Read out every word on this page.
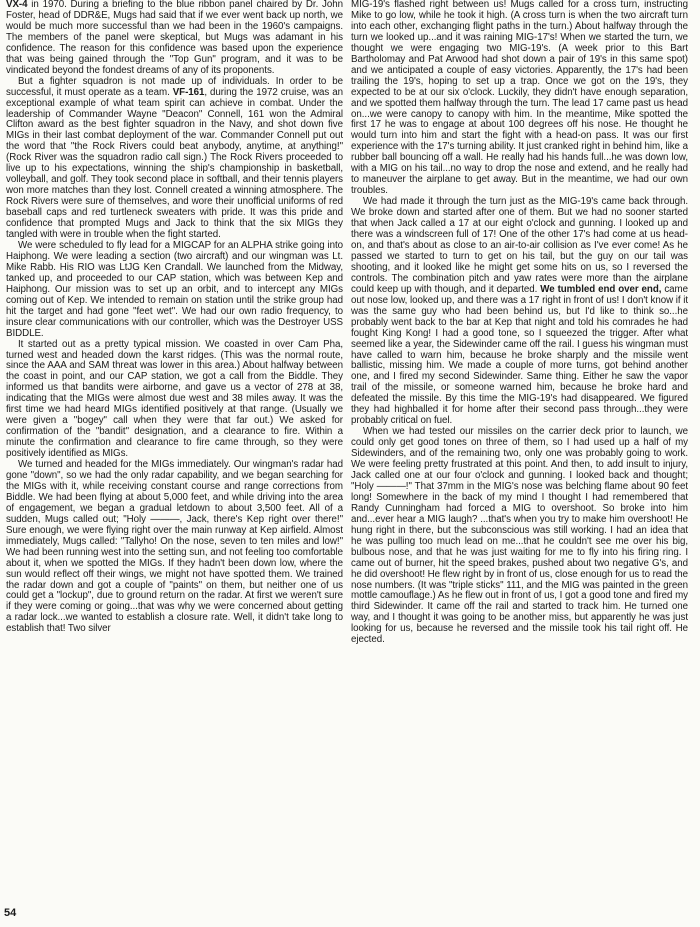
VX-4 in 1970. During a briefing to the blue ribbon panel chaired by Dr. John Foster, head of DDR&E, Mugs had said that if we ever went back up north, we would be much more successful than we had been in the 1960's campaigns. The members of the panel were skeptical, but Mugs was adamant in his confidence. The reason for this confidence was based upon the experience that was being gained through the "Top Gun" program, and it was to be vindicated beyond the fondest dreams of any of its proponents.

But a fighter squadron is not made up of individuals. In order to be successful, it must operate as a team. VF-161, during the 1972 cruise, was an exceptional example of what team spirit can achieve in combat. Under the leadership of Commander Wayne "Deacon" Connell, 161 won the Admiral Clifton award as the best fighter squadron in the Navy, and shot down five MIGs in their last combat deployment of the war. Commander Connell put out the word that "the Rock Rivers could beat anybody, anytime, at anything!" (Rock River was the squadron radio call sign.) The Rock Rivers proceeded to live up to his expectations, winning the ship's championship in basketball, volleyball, and golf. They took second place in softball, and their tennis players won more matches than they lost. Connell created a winning atmosphere. The Rock Rivers were sure of themselves, and wore their unofficial uniforms of red baseball caps and red turtleneck sweaters with pride. It was this pride and confidence that prompted Mugs and Jack to think that the six MIGs they tangled with were in trouble when the fight started.

We were scheduled to fly lead for a MIGCAP for an ALPHA strike going into Haiphong. We were leading a section (two aircraft) and our wingman was Lt. Mike Rabb. His RIO was LtJG Ken Crandall. We launched from the Midway, tanked up, and proceeded to our CAP station, which was between Kep and Haiphong. Our mission was to set up an orbit, and to intercept any MIGs coming out of Kep. We intended to remain on station until the strike group had hit the target and had gone "feet wet". We had our own radio frequency, to insure clear communications with our controller, which was the Destroyer USS BIDDLE.

It started out as a pretty typical mission. We coasted in over Cam Pha, turned west and headed down the karst ridges. (This was the normal route, since the AAA and SAM threat was lower in this area.) About halfway between the coast in point, and our CAP station, we got a call from the Biddle. They informed us that bandits were airborne, and gave us a vector of 278 at 38, indicating that the MIGs were almost due west and 38 miles away. It was the first time we had heard MIGs identified positively at that range. (Usually we were given a "bogey" call when they were that far out.) We asked for confirmation of the "bandit" designation, and a clearance to fire. Within a minute the confirmation and clearance to fire came through, so they were positively identified as MIGs.

We turned and headed for the MIGs immediately. Our wingman's radar had gone "down", so we had the only radar capability, and we began searching for the MIGs with it, while receiving constant course and range corrections from Biddle. We had been flying at about 5,000 feet, and while driving into the area of engagement, we began a gradual letdown to about 3,500 feet. All of a sudden, Mugs called out; "Holy ———, Jack, there's Kep right over there!" Sure enough, we were flying right over the main runway at Kep airfield. Almost immediately, Mugs called: "Tallyho! On the nose, seven to ten miles and low!" We had been running west into the setting sun, and not feeling too comfortable about it, when we spotted the MIGs. If they hadn't been down low, where the sun would reflect off their wings, we might not have spotted them. We trained the radar down and got a couple of "paints" on them, but neither one of us could get a "lockup", due to ground return on the radar. At first we weren't sure if they were coming or going...that was why we were concerned about getting a radar lock...we wanted to establish a closure rate. Well, it didn't take long to establish that! Two silver

MIG-19's flashed right between us! Mugs called for a cross turn, instructing Mike to go low, while he took it high. (A cross turn is when the two aircraft turn into each other, exchanging flight paths in the turn.) About halfway through the turn we looked up...and it was raining MIG-17's! When we started the turn, we thought we were engaging two MIG-19's. (A week prior to this Bart Bartholomay and Pat Arwood had shot down a pair of 19's in this same spot) and we anticipated a couple of easy victories. Apparently, the 17's had been trailing the 19's, hoping to set up a trap. Once we got on the 19's, they expected to be at our six o'clock. Luckily, they didn't have enough separation, and we spotted them halfway through the turn. The lead 17 came past us head on...we were canopy to canopy with him. In the meantime, Mike spotted the first 17 he was to engage at about 100 degrees off his nose. He thought he would turn into him and start the fight with a head-on pass. It was our first experience with the 17's turning ability. It just cranked right in behind him, like a rubber ball bouncing off a wall. He really had his hands full...he was down low, with a MIG on his tail...no way to drop the nose and extend, and he really had to maneuver the airplane to get away. But in the meantime, we had our own troubles.

We had made it through the turn just as the MIG-19's came back through. We broke down and started after one of them. But we had no sooner started that when Jack called a 17 at our eight o'clock and gunning. I looked up and there was a windscreen full of 17! One of the other 17's had come at us head-on, and that's about as close to an air-to-air collision as I've ever come! As he passed we started to turn to get on his tail, but the guy on our tail was shooting, and it looked like he might get some hits on us, so I reversed the controls. The combination pitch and yaw rates were more than the airplane could keep up with though, and it departed. We tumbled end over end, came out nose low, looked up, and there was a 17 right in front of us! I don't know if it was the same guy who had been behind us, but I'd like to think so...he probably went back to the bar at Kep that night and told his comrades he had fought King Kong! I had a good tone, so I squeezed the trigger. After what seemed like a year, the Sidewinder came off the rail. I guess his wingman must have called to warn him, because he broke sharply and the missile went ballistic, missing him. We made a couple of more turns, got behind another one, and I fired my second Sidewinder. Same thing. Either he saw the vapor trail of the missile, or someone warned him, because he broke hard and defeated the missile. By this time the MIG-19's had disappeared. We figured they had highballed it for home after their second pass through...they were probably critical on fuel.

When we had tested our missiles on the carrier deck prior to launch, we could only get good tones on three of them, so I had used up a half of my Sidewinders, and of the remaining two, only one was probably going to work. We were feeling pretty frustrated at this point. And then, to add insult to injury, Jack called one at our four o'clock and gunning. I looked back and thought; "Holy ———!" That 37mm in the MIG's nose was belching flame about 90 feet long! Somewhere in the back of my mind I thought I had remembered that Randy Cunningham had forced a MIG to overshoot. So broke into him and...ever hear a MIG laugh? ...that's when you try to make him overshoot! He hung right in there, but the subconscious was still working. I had an idea that he was pulling too much lead on me...that he couldn't see me over his big, bulbous nose, and that he was just waiting for me to fly into his firing ring. I came out of burner, hit the speed brakes, pushed about two negative G's, and he did overshoot! He flew right by in front of us, close enough for us to read the nose numbers. (It was "triple sticks" 111, and the MIG was painted in the green mottle camouflage.) As he flew out in front of us, I got a good tone and fired my third Sidewinder. It came off the rail and started to track him. He turned one way, and I thought it was going to be another miss, but apparently he was just looking for us, because he reversed and the missile took his tail right off. He ejected.

54
